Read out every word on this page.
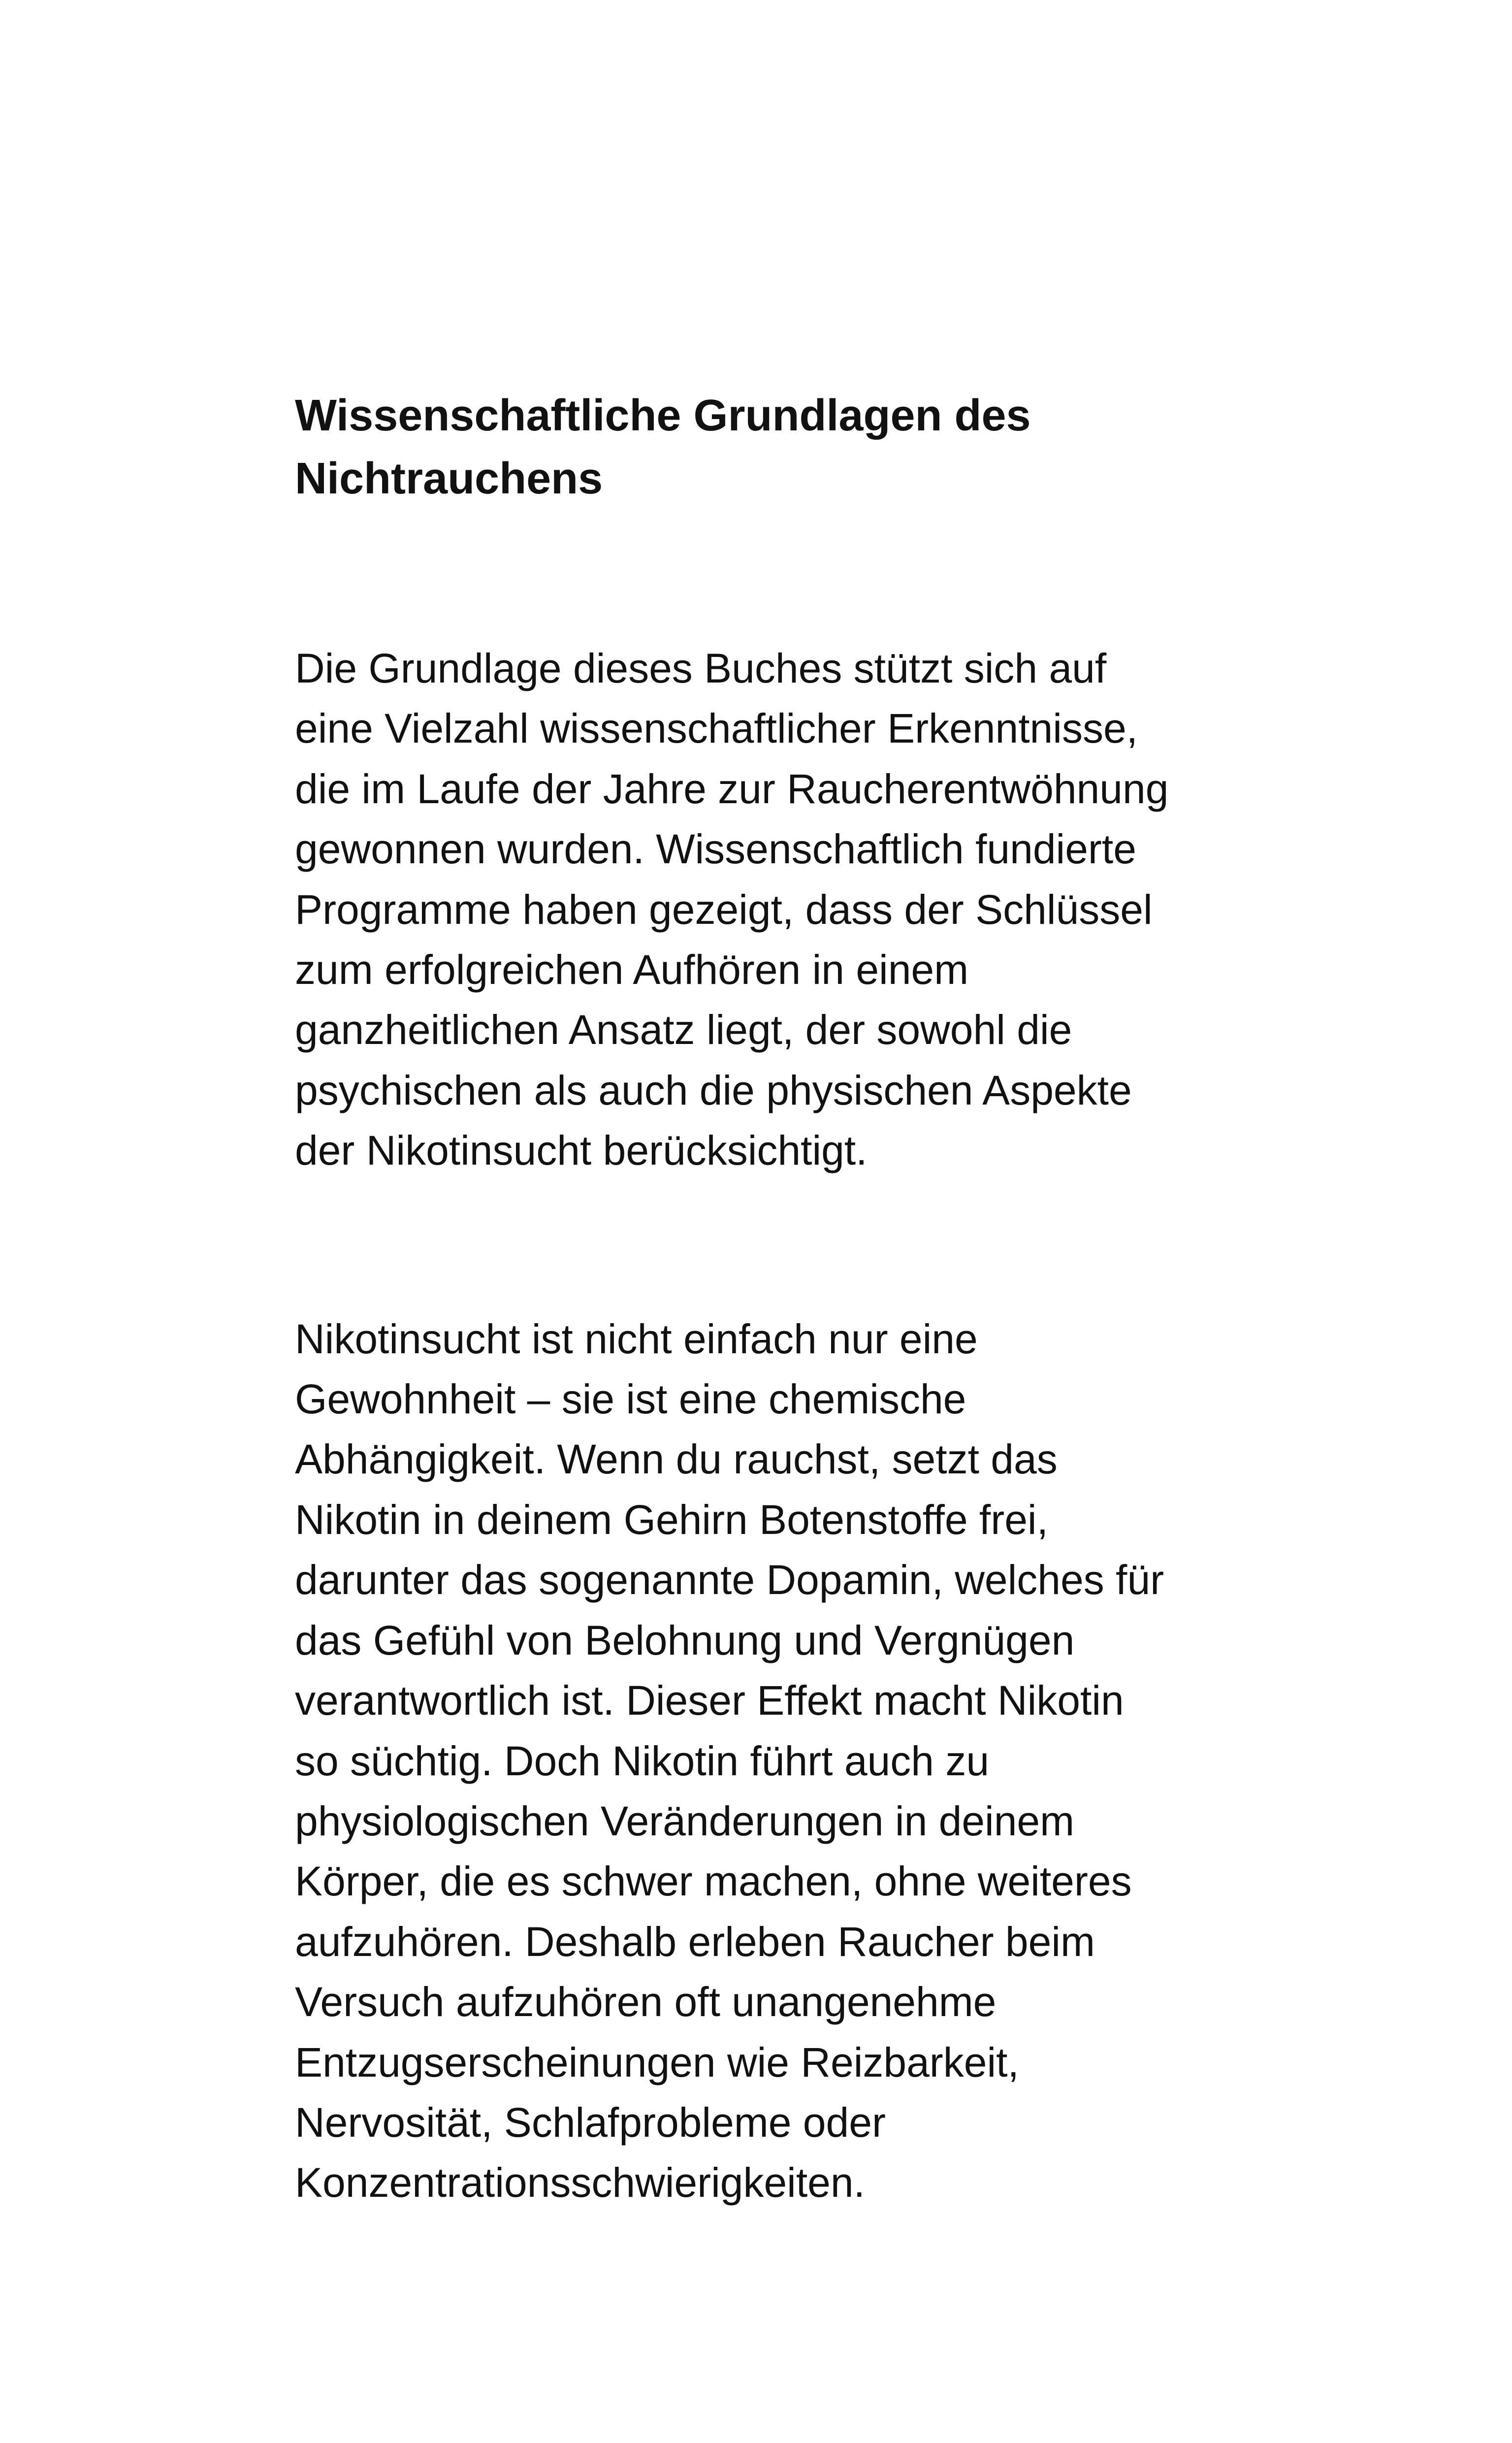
Wissenschaftliche Grundlagen des
Nichtrauchens

Die Grundlage dieses Buches stützt sich auf
eine Vielzahl wissenschaftlicher Erkenntnisse,
die im Laufe der Jahre zur Raucherentwöhnung
gewonnen wurden. Wissenschaftlich fundierte
Programme haben gezeigt, dass der Schlüssel
zum erfolgreichen Aufhören in einem
ganzheitlichen Ansatz liegt, der sowohl die
psychischen als auch die physischen Aspekte
der Nikotinsucht berücksichtigt.

Nikotinsucht ist nicht einfach nur eine
Gewohnheit – sie ist eine chemische
Abhängigkeit. Wenn du rauchst, setzt das
Nikotin in deinem Gehirn Botenstoffe frei,
darunter das sogenannte Dopamin, welches für
das Gefühl von Belohnung und Vergnügen
verantwortlich ist. Dieser Effekt macht Nikotin
so süchtig. Doch Nikotin führt auch zu
physiologischen Veränderungen in deinem
Körper, die es schwer machen, ohne weiteres
aufzuhören. Deshalb erleben Raucher beim
Versuch aufzuhören oft unangenehme
Entzugserscheinungen wie Reizbarkeit,
Nervosität, Schlafprobleme oder
Konzentrationsschwierigkeiten.
